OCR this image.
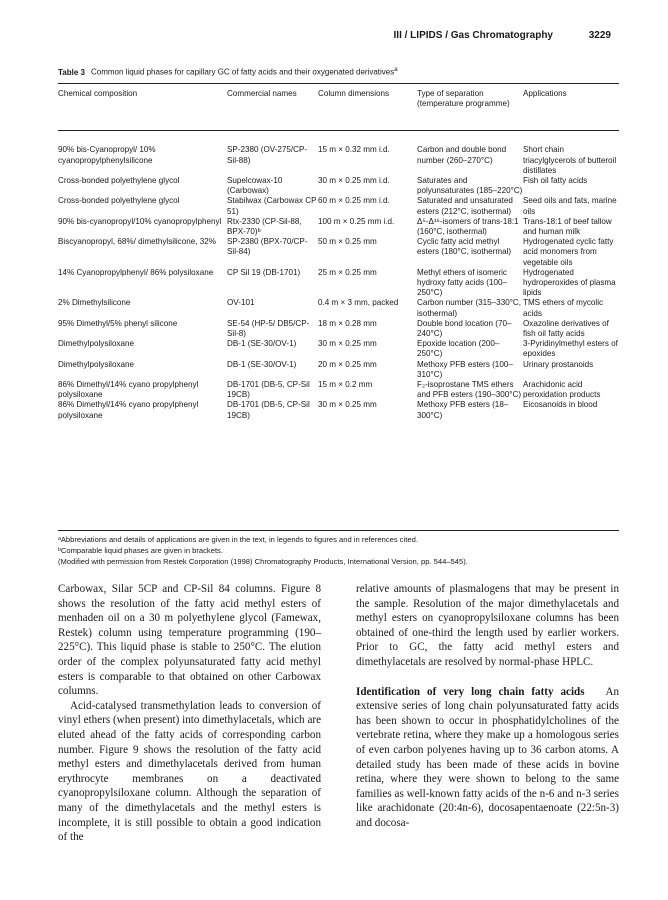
III / LIPIDS / Gas Chromatography	3229
Table 3 Common liquid phases for capillary GC of fatty acids and their oxygenated derivatives$^a$
Chemical composition	Commercial names	Column dimensions	Type of separation (temperature programme)	Applications
90% bis-Cyanopropyl/ 10% cyanopropylphenylsilicone	SP-2380 (OV-275/CP-Sil-88)	15 m × 0.32 mm i.d.	Carbon and double bond number (260–270°C)	Short chain triacylglycerols of butteroil distillates
Cross-bonded polyethylene glycol	Supelcowax-10 (Carbowax)	30 m × 0.25 mm i.d.	Saturates and polyunsaturates (185–220°C)	Fish oil fatty acids
Cross-bonded polyethylene glycol	Stabilwax (Carbowax CP 51)	60 m × 0.25 mm i.d.	Saturated and unsaturated esters (212°C, isothermal)	Seed oils and fats, marine oils
90% bis-cyanopropyl/10% cyanopropylphenyl	Rtx-2330 (CP-Sil-88, BPX-70)ᵇ	100 m × 0.25 mm i.d.	Δ⁵-Δ¹⁶-isomers of trans-18:1 (160°C, isothermal)	Trans-18:1 of beef tallow and human milk
Biscyanopropyl, 68%/ dimethylsilicone, 32%	SP-2380 (BPX-70/CP-Sil-84)	50 m × 0.25 mm	Cyclic fatty acid methyl esters (180°C, isothermal)	Hydrogenated cyclic fatty acid monomers from vegetable oils
14% Cyanopropylphenyl/ 86% polysiloxane	CP Sil 19 (DB-1701)	25 m × 0.25 mm	Methyl ethers of isomeric hydroxy fatty acids (100–250°C)	Hydrogenated hydroperoxides of plasma lipids
2% Dimethylsilicone	OV-101	0.4 m × 3 mm, packed	Carbon number (315–330°C, isothermal)	TMS ethers of mycolic acids
95% Dimethyl/5% phenyl silicone	SE-54 (HP-5/ DB5/CP-Sil-8)	18 m × 0.28 mm	Double bond location (70–240°C)	Oxazoline derivatives of fish oil fatty acids
Dimethylpolysiloxane	DB-1 (SE-30/OV-1)	30 m × 0.25 mm	Epoxide location (200–250°C)	3-Pyridinylmethyl esters of epoxides
Dimethylpolysiloxane	DB-1 (SE-30/OV-1)	20 m × 0.25 mm	Methoxy PFB esters (100–310°C)	Urinary prostanoids
86% Dimethyl/14% cyano propylphenyl polysiloxane	DB-1701 (DB-5, CP-Sil 19CB)	15 m × 0.2 mm	F₂-isoprostane TMS ethers and PFB esters (190–300°C)	Arachidonic acid peroxidation products
86% Dimethyl/14% cyano propylphenyl polysiloxane	DB-1701 (DB-5, CP-Sil 19CB)	30 m × 0.25 mm	Methoxy PFB esters (18–300°C)	Eicosanoids in blood
ᵃAbbreviations and details of applications are given in the text, in legends to figures and in references cited.
ᵇComparable liquid phases are given in brackets.
(Modified with permission from Restek Corporation (1998) Chromatography Products, International Version, pp. 544–545).

Carbowax, Silar 5CP and CP-Sil 84 columns. Figure 8 shows the resolution of the fatty acid methyl esters of menhaden oil on a 30 m polyethylene glycol (Famewax, Restek) column using temperature programming (190–225°C). This liquid phase is stable to 250°C. The elution order of the complex polyunsaturated fatty acid methyl esters is comparable to that obtained on other Carbowax columns.

Acid-catalysed transmethylation leads to conversion of vinyl ethers (when present) into dimethylacetals, which are eluted ahead of the fatty acids of corresponding carbon number. Figure 9 shows the resolution of the fatty acid methyl esters and dimethylacetals derived from human erythrocyte membranes on a deactivated cyanopropylsiloxane column. Although the separation of many of the dimethylacetals and the methyl esters is incomplete, it is still possible to obtain a good indication of the

relative amounts of plasmalogens that may be present in the sample. Resolution of the major dimethylacetals and methyl esters on cyanopropylsiloxane columns has been obtained of one-third the length used by earlier workers. Prior to GC, the fatty acid methyl esters and dimethylacetals are resolved by normal-phase HPLC.

Identification of very long chain fatty acids An extensive series of long chain polyunsaturated fatty acids has been shown to occur in phosphatidylcholines of the vertebrate retina, where they make up a homologous series of even carbon polyenes having up to 36 carbon atoms. A detailed study has been made of these acids in bovine retina, where they were shown to belong to the same families as well-known fatty acids of the n-6 and n-3 series like arachidonate (20:4n-6), docosapentaenoate (22:5n-3) and docosa-
